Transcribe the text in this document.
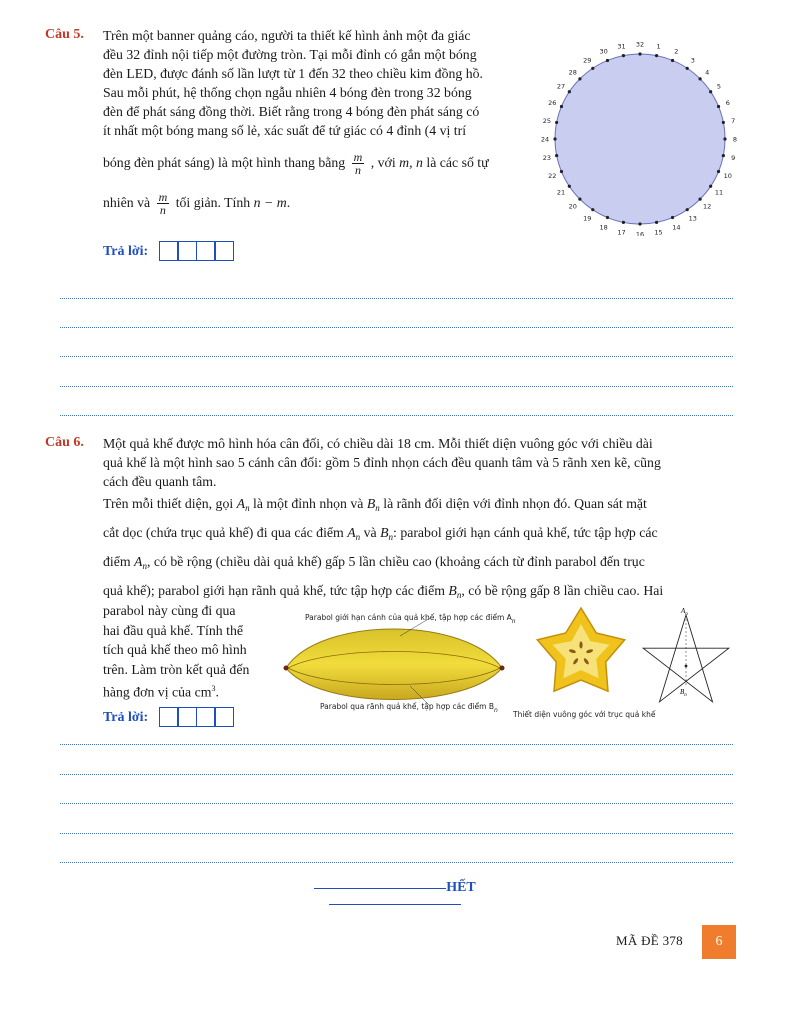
Câu 5. Trên một banner quảng cáo, người ta thiết kế hình ảnh một đa giác
đều 32 đỉnh nội tiếp một đường tròn. Tại mỗi đỉnh có gắn một bóng
đèn LED, được đánh số lần lượt từ 1 đến 32 theo chiều kim đồng hồ.
Sau mỗi phút, hệ thống chọn ngẫu nhiên 4 bóng đèn trong 32 bóng
đèn để phát sáng đồng thời. Biết rằng trong 4 bóng đèn phát sáng có
ít nhất một bóng mang số lẻ, xác suất để tứ giác có 4 đỉnh (4 vị trí
bóng đèn phát sáng) là một hình thang bằng $\frac{m}{n}$ , với m, n là các số tự
nhiên và $\frac{m}{n}$ tối giản. Tính n − m.
Trả lời:
1
2
3
4
5
6
7
8
9
10
11
12
13
14
15
16
17
18
19
20
21
22
23
24
25
26
27
28
29
30
31 32
Câu 6. Một quả khế được mô hình hóa cân đối, có chiều dài 18 cm. Mỗi thiết diện vuông góc với chiều dài
quả khế là một hình sao 5 cánh cân đối: gồm 5 đỉnh nhọn cách đều quanh tâm và 5 rãnh xen kẽ, cũng
cách đều quanh tâm.
Trên mỗi thiết diện, gọi $A_n$ là một đỉnh nhọn và $B_n$ là rãnh đối diện với đỉnh nhọn đó. Quan sát mặt
cắt dọc (chứa trục quả khế) đi qua các điểm $A_n$ và $B_n$: parabol giới hạn cánh quả khế, tức tập hợp các
điểm $A_n$, có bề rộng (chiều dài quả khế) gấp 5 lần chiều cao (khoảng cách từ đỉnh parabol đến trục
quả khế); parabol giới hạn rãnh quả khế, tức tập hợp các điểm $B_n$, có bề rộng gấp 8 lần chiều cao. Hai
parabol này cùng đi qua
hai đầu quả khế. Tính thể
tích quả khế theo mô hình
trên. Làm tròn kết quả đến
hàng đơn vị của $cm^3$.
Trả lời:
Parabol giới hạn cánh của quả khế, tập hợp các điểm $A_n$
Parabol qua rãnh quả khế, tập hợp các điểm $B_n$ Thiết diện vuông góc với trục quả khế
$A_n$
$B_n$
HẾT
MÃ ĐỀ 378	6
